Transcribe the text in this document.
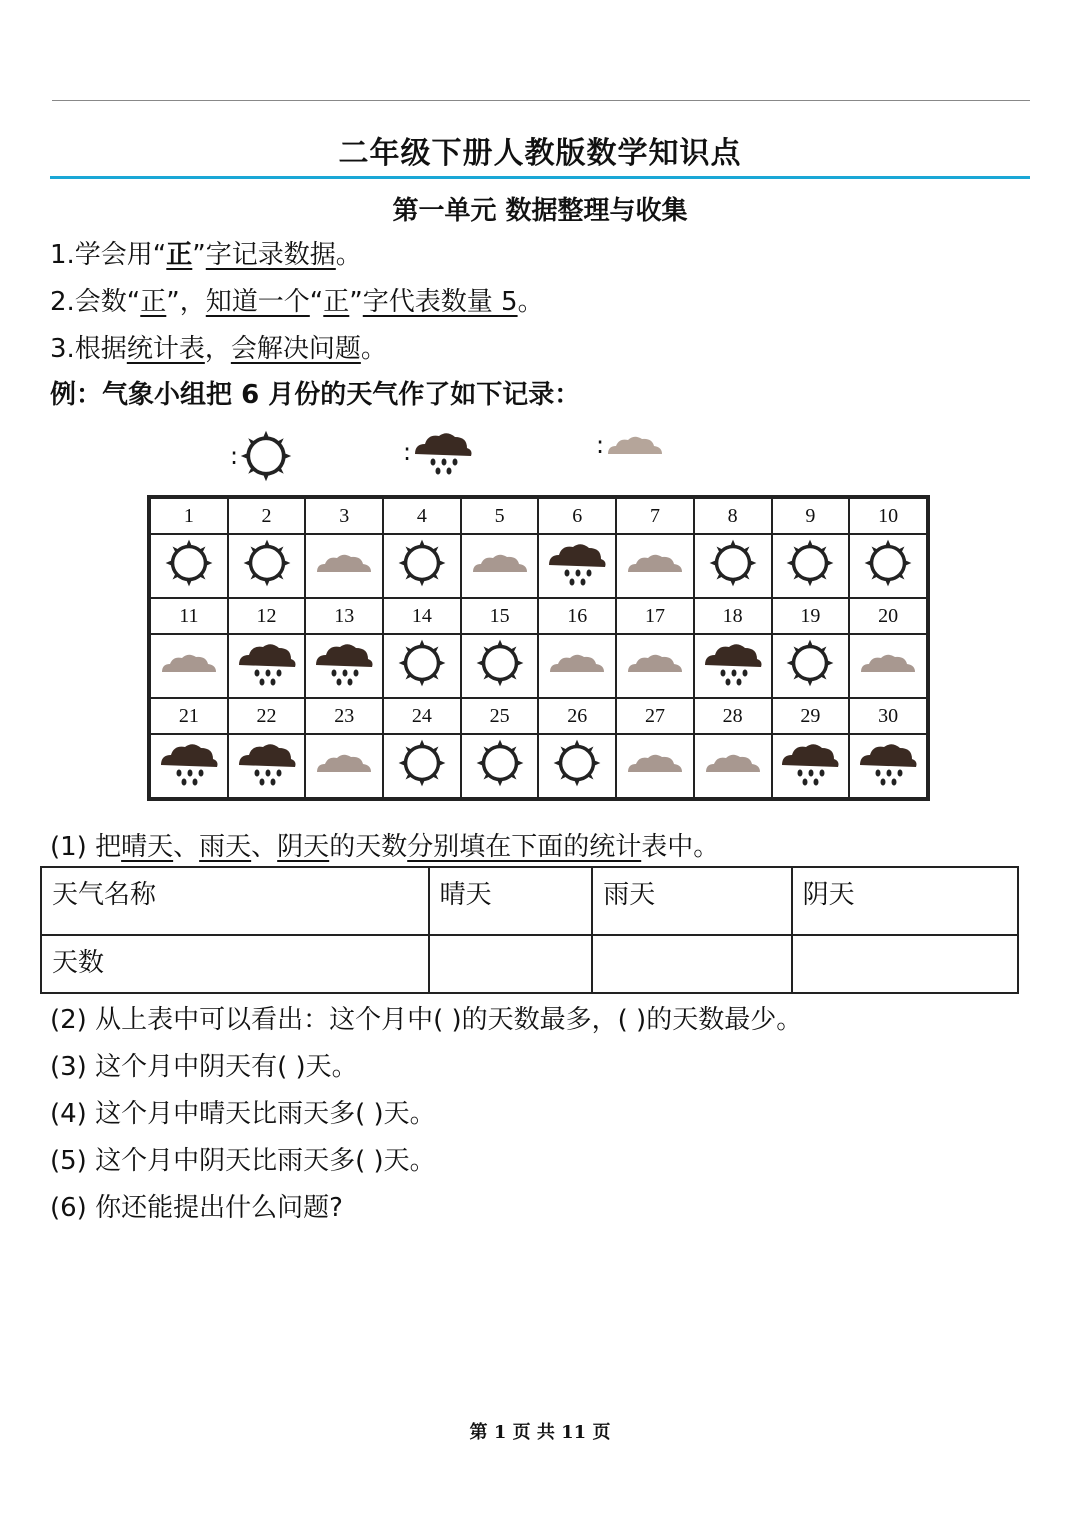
二年级下册人教版数学知识点
第一单元 数据整理与收集
1.学会用“正”字记录数据。
2.会数“正”，知道一个“正”字代表数量 5。
3.根据统计表，会解决问题。
例：气象小组把 6 月份的天气作了如下记录：
:	:	:
1	2	3	4	5	6	7	8	9	10

11	12	13	14	15	16	17	18	19	20

21	22	23	24	25	26	27	28	29	30

(1) 把晴天、雨天、阴天的天数分别填在下面的统计表中。
天气名称	晴天	雨天	阴天
天数			
(2) 从上表中可以看出：这个月中( )的天数最多，( )的天数最少。
(3) 这个月中阴天有( )天。
(4) 这个月中晴天比雨天多( )天。
(5) 这个月中阴天比雨天多( )天。
(6) 你还能提出什么问题?
第 1 页 共 11 页
